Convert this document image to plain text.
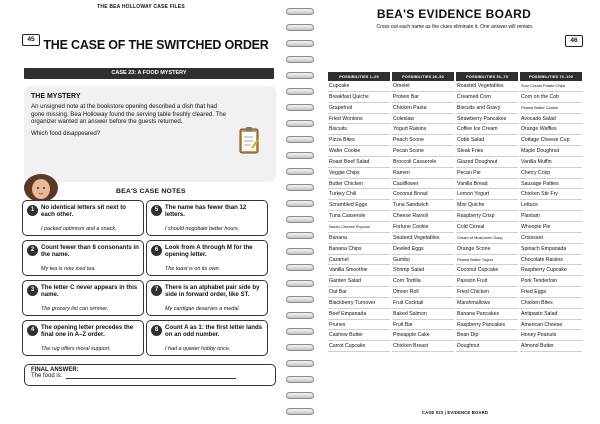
THE BEA HOLLOWAY CASE FILES
45 THE CASE OF THE SWITCHED ORDER
CASE 23: A FOOD MYSTERY
THE MYSTERY

An unsigned note at the bookstore opening described a dish that had gone missing. Bea Holloway found the serving table freshly cleared. The organizer wanted an answer before the guests returned.

Which food disappeared?

BEA'S CASE NOTES
1	No identical letters sit next to each other.
I packed optimism and a snack.
2	Count fewer than 8 consonants in the name.
My tea is now iced tea.
3	The letter C never appears in this name.
The grocery list can simmer.
4	The opening letter precedes the final one in A–Z order.
The rug offers moral support.
5	The name has fewer than 12 letters.
I should negotiate better hours.
6	Look from A through M for the opening letter.
The toast is on its own.
7	There is an alphabet pair side by side in forward order, like ST.
My cardigan deserves a medal.
8	Count A as 1: the first letter lands on an odd number.
I had a quieter hobby once.
FINAL ANSWER:
The food is:
46
BEA'S EVIDENCE BOARD
Cross out each name as the clues eliminate it. One answer will remain.
POSSIBILITIES 1–25
Cupcake
Breakfast Quiche
Grapefruit
Fried Wontons
Biscuits
Pizza Bites
Wafer Cookie
Roast Beef Salad
Veggie Chips
Butter Chicken
Turkey Chili
Scrambled Eggs
Tuna Casserole
Nacho Cheese Popcorn
Banana
Banana Chips
Caramel
Vanilla Smoothie
Garden Salad
Oat Bar
Blackberry Turnover
Beef Empanada
Prunes
Cashew Butter
Carrot Cupcake
POSSIBILITIES 26–50
Omelet
Protein Bar
Chicken Pasta
Coleslaw
Yogurt Raisins
Peach Scone
Pecan Scone
Broccoli Casserole
Ramen
Cauliflower
Coconut Bread
Tuna Sandwich
Cheese Ravioli
Fortune Cookie
Sauteed Vegetables
Deviled Eggs
Gumbo
Shrimp Salad
Corn Tortilla
Dinner Roll
Fruit Cocktail
Baked Salmon
Fruit Bar
Pineapple Cake
Chicken Breast
POSSIBILITIES 51–75
Roasted Vegetables
Creamed Corn
Biscuits and Gravy
Strawberry Pancakes
Coffee Ice Cream
Cobb Salad
Steak Fries
Glazed Doughnut
Pecan Pie
Vanilla Bread
Lemon Yogurt
Mini Quiche
Raspberry Crisp
Cold Cereal
Cream of Mushroom Soup
Orange Scone
Peanut Butter Yogurt
Coconut Cupcake
Passion Fruit
Fried Chicken
Marshmallows
Banana Pancakes
Raspberry Pancakes
Bean Dip
Doughnut
POSSIBILITIES 76–100
Sour Cream Potato Chips
Corn on the Cob
Peanut Butter Cookie
Avocado Salad
Orange Waffles
Cottage Cheese Cup
Maple Doughnut
Vanilla Muffin
Cherry Crisp
Sausage Patties
Chicken Stir Fry
Lettuce
Plantain
Whoopie Pie
Croissant
Spinach Empanada
Chocolate Raisins
Raspberry Cupcake
Pork Tenderloin
Fried Eggs
Chicken Bites
Antipasto Salad
American Cheese
Honey Peanuts
Almond Butter
CASE 023 | EVIDENCE BOARD
